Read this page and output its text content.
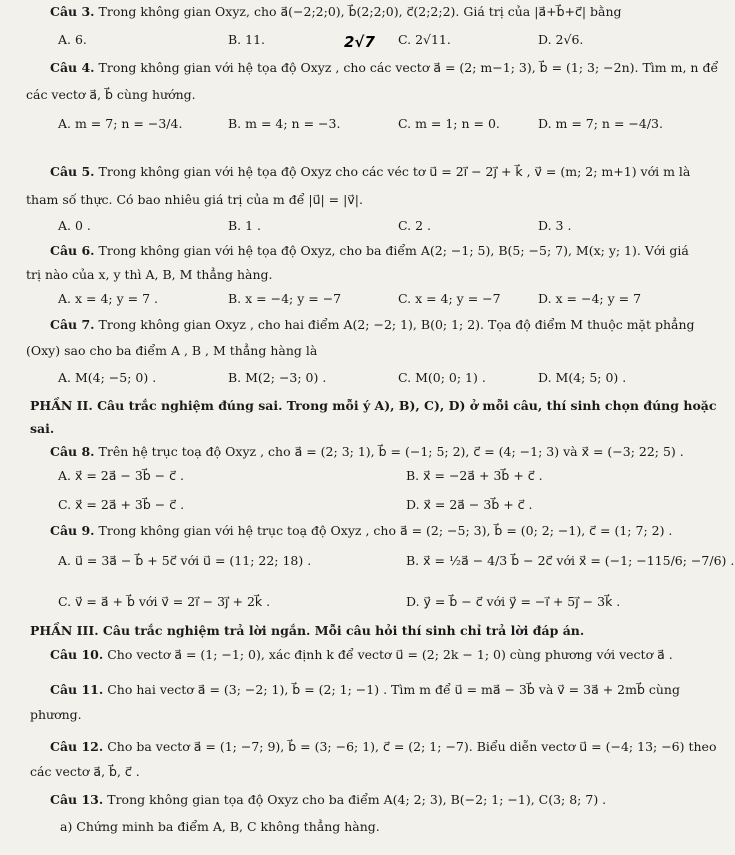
Câu 3. Trong không gian Oxyz, cho a⃗(−2;2;0), b⃗(2;2;0), c⃗(2;2;2). Giá trị của |a⃗+b⃗+c⃗| bằng
A. 6.	B. 11.	2√7 C. 2√11.	D. 2√6.
Câu 4. Trong không gian với hệ tọa độ Oxyz , cho các vectơ a⃗ = (2; m−1; 3), b⃗ = (1; 3; −2n). Tìm m, n để
các vectơ a⃗, b⃗ cùng hướng.
A. m = 7; n = −3/4.	B. m = 4; n = −3.	C. m = 1; n = 0.	D. m = 7; n = −4/3.
Câu 5. Trong không gian với hệ tọa độ Oxyz cho các véc tơ u⃗ = 2i⃗ − 2j⃗ + k⃗ , v⃗ = (m; 2; m+1) với m là
tham số thực. Có bao nhiêu giá trị của m để |u⃗| = |v⃗|.
A. 0 .	B. 1 .	C. 2 .	D. 3 .
Câu 6. Trong không gian với hệ tọa độ Oxyz, cho ba điểm A(2; −1; 5), B(5; −5; 7), M(x; y; 1). Với giá
trị nào của x, y thì A, B, M thẳng hàng.
A. x = 4; y = 7 .	B. x = −4; y = −7	C. x = 4; y = −7	D. x = −4; y = 7
Câu 7. Trong không gian Oxyz , cho hai điểm A(2; −2; 1), B(0; 1; 2). Tọa độ điểm M thuộc mặt phẳng
(Oxy) sao cho ba điểm A , B , M thẳng hàng là
A. M(4; −5; 0) .	B. M(2; −3; 0) .	C. M(0; 0; 1) .	D. M(4; 5; 0) .
PHẦN II. Câu trắc nghiệm đúng sai. Trong mỗi ý A), B), C), D) ở mỗi câu, thí sinh chọn đúng hoặc
sai.
Câu 8. Trên hệ trục toạ độ Oxyz , cho a⃗ = (2; 3; 1), b⃗ = (−1; 5; 2), c⃗ = (4; −1; 3) và x⃗ = (−3; 22; 5) .
A. x⃗ = 2a⃗ − 3b⃗ − c⃗ .	B. x⃗ = −2a⃗ + 3b⃗ + c⃗ .
C. x⃗ = 2a⃗ + 3b⃗ − c⃗ .	D. x⃗ = 2a⃗ − 3b⃗ + c⃗ .
Câu 9. Trong không gian với hệ trục toạ độ Oxyz , cho a⃗ = (2; −5; 3), b⃗ = (0; 2; −1), c⃗ = (1; 7; 2) .
A. u⃗ = 3a⃗ − b⃗ + 5c⃗ với u⃗ = (11; 22; 18) .	B. x⃗ = ½a⃗ − 4/3 b⃗ − 2c⃗ với x⃗ = (−1; −115/6; −7/6) .
C. v⃗ = a⃗ + b⃗ với v⃗ = 2i⃗ − 3j⃗ + 2k⃗ .	D. y⃗ = b⃗ − c⃗ với y⃗ = −i⃗ + 5j⃗ − 3k⃗ .
PHẦN III. Câu trắc nghiệm trả lời ngắn. Mỗi câu hỏi thí sinh chỉ trả lời đáp án.
Câu 10. Cho vectơ a⃗ = (1; −1; 0), xác định k để vectơ u⃗ = (2; 2k − 1; 0) cùng phương với vectơ a⃗ .
Câu 11. Cho hai vectơ a⃗ = (3; −2; 1), b⃗ = (2; 1; −1) . Tìm m để u⃗ = ma⃗ − 3b⃗ và v⃗ = 3a⃗ + 2mb⃗ cùng
phương.
Câu 12. Cho ba vectơ a⃗ = (1; −7; 9), b⃗ = (3; −6; 1), c⃗ = (2; 1; −7). Biểu diễn vectơ u⃗ = (−4; 13; −6) theo
các vectơ a⃗, b⃗, c⃗ .
Câu 13. Trong không gian tọa độ Oxyz cho ba điểm A(4; 2; 3), B(−2; 1; −1), C(3; 8; 7) .
a) Chứng minh ba điểm A, B, C không thẳng hàng.
